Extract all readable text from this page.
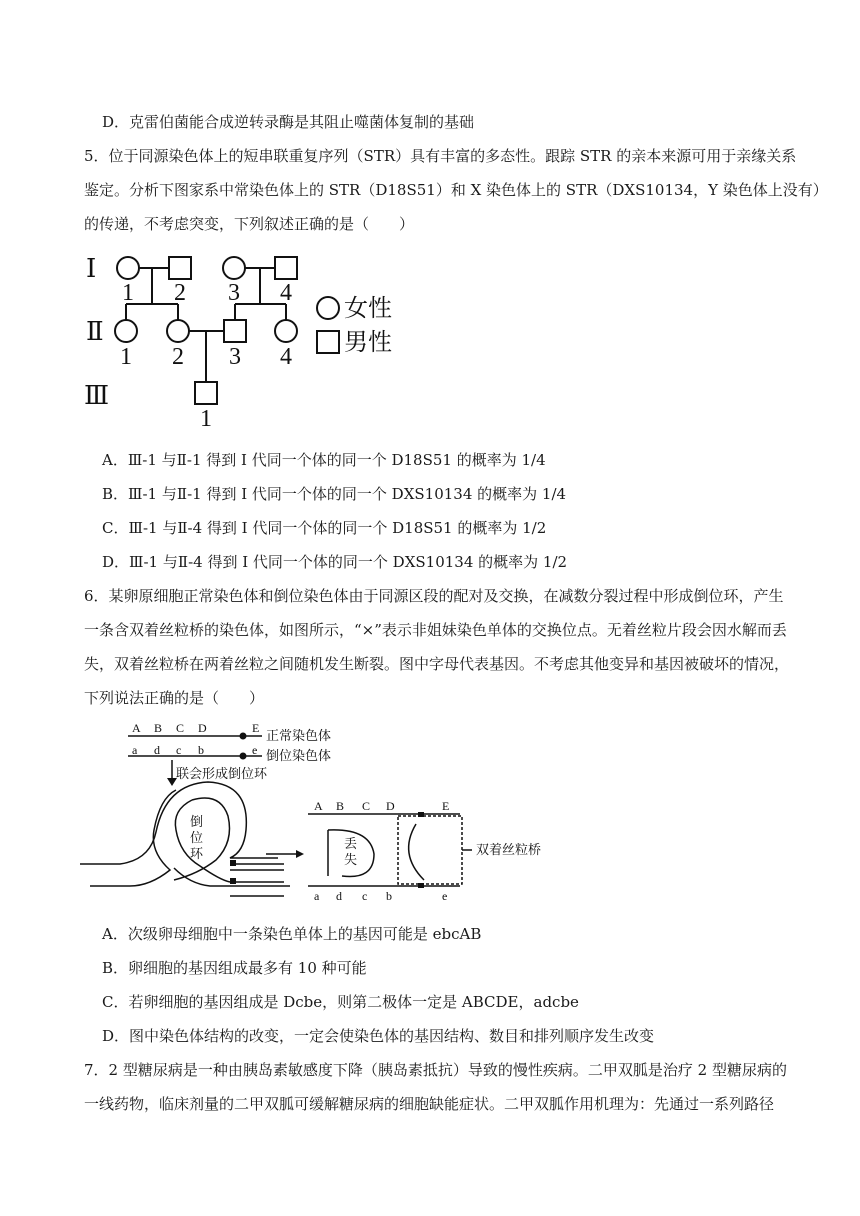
D．克雷伯菌能合成逆转录酶是其阻止噬菌体复制的基础
5．位于同源染色体上的短串联重复序列（STR）具有丰富的多态性。跟踪 STR 的亲本来源可用于亲缘关系
鉴定。分析下图家系中常染色体上的 STR（D18S51）和 X 染色体上的 STR（DXS10134，Y 染色体上没有）
的传递，不考虑突变，下列叙述正确的是（　　）
Ⅰ
Ⅱ
Ⅲ
1 2 3 4
1 2 3 4
1
女性
男性
A．Ⅲ-1 与Ⅱ-1 得到 I 代同一个体的同一个 D18S51 的概率为 1/4
B．Ⅲ-1 与Ⅱ-1 得到 I 代同一个体的同一个 DXS10134 的概率为 1/4
C．Ⅲ-1 与Ⅱ-4 得到 I 代同一个体的同一个 D18S51 的概率为 1/2
D．Ⅲ-1 与Ⅱ-4 得到 I 代同一个体的同一个 DXS10134 的概率为 1/2
6．某卵原细胞正常染色体和倒位染色体由于同源区段的配对及交换，在减数分裂过程中形成倒位环，产生
一条含双着丝粒桥的染色体，如图所示，“×”表示非姐妹染色单体的交换位点。无着丝粒片段会因水解而丢
失，双着丝粒桥在两着丝粒之间随机发生断裂。图中字母代表基因。不考虑其他变异和基因被破坏的情况，
下列说法正确的是（　　）
A B C D	E
a d c b	e
正常染色体
倒位染色体
联会形成倒位环
倒
位
环
丢
失
双着丝粒桥
A B C D	E
a d c b	e
A．次级卵母细胞中一条染色单体上的基因可能是 ebcAB
B．卵细胞的基因组成最多有 10 种可能
C．若卵细胞的基因组成是 Dcbe，则第二极体一定是 ABCDE，adcbe
D．图中染色体结构的改变，一定会使染色体的基因结构、数目和排列顺序发生改变
7．2 型糖尿病是一种由胰岛素敏感度下降（胰岛素抵抗）导致的慢性疾病。二甲双胍是治疗 2 型糖尿病的
一线药物，临床剂量的二甲双胍可缓解糖尿病的细胞缺能症状。二甲双胍作用机理为：先通过一系列路径
